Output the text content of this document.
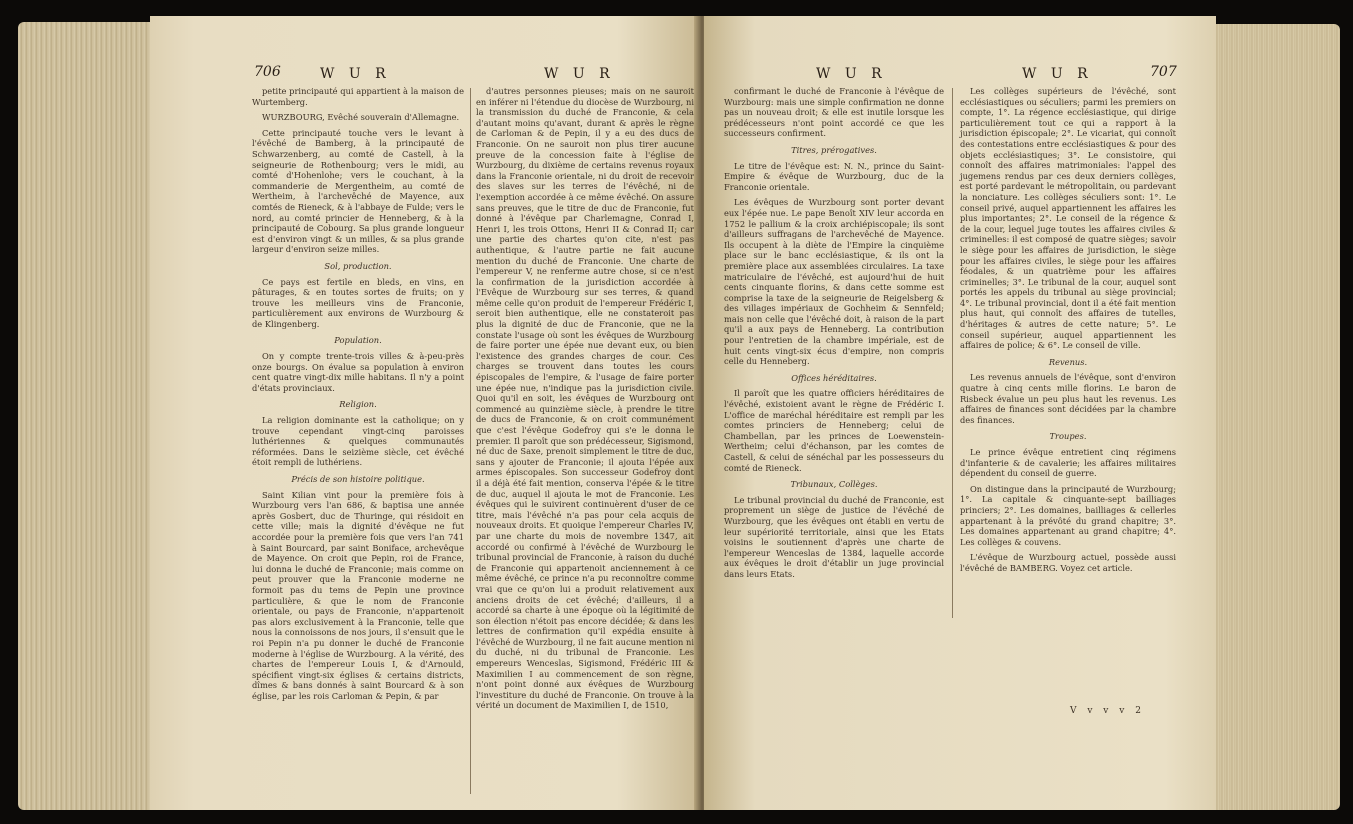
706	W U R	W U R

petite principauté qui appartient à la maison de Wurtemberg.

WURZBOURG, Evêché souverain d'Allemagne.

Cette principauté touche vers le levant à l'évêché de Bamberg, à la principauté de Schwarzenberg, au comté de Castell, à la seigneurie de Rothenbourg; vers le midi, au comté d'Hohenlohe; vers le couchant, à la commanderie de Mergentheim, au comté de Wertheim, à l'archevêché de Mayence, aux comtés de Rieneck, & à l'abbaye de Fulde; vers le nord, au comté princier de Henneberg, & à la principauté de Cobourg. Sa plus grande longueur est d'environ vingt & un milles, & sa plus grande largeur d'environ seize milles.

Sol, production.

Ce pays est fertile en bleds, en vins, en pâturages, & en toutes sortes de fruits; on y trouve les meilleurs vins de Franconie, particulièrement aux environs de Wurzbourg & de Klingenberg.

Population.

On y compte trente-trois villes & à-peu-près onze bourgs. On évalue sa population à environ cent quatre vingt-dix mille habitans. Il n'y a point d'états provinciaux.

Religion.

La religion dominante est la catholique; on y trouve cependant vingt-cinq paroisses luthériennes & quelques communautés réformées. Dans le seizième siècle, cet évêché étoit rempli de luthériens.

Précis de son histoire politique.

Saint Kilian vint pour la première fois à Wurzbourg vers l'an 686, & baptisa une année après Gosbert, duc de Thuringe, qui résidoit en cette ville; mais la dignité d'évêque ne fut accordée pour la première fois que vers l'an 741 à Saint Bourcard, par saint Boniface, archevêque de Mayence. On croit que Pepin, roi de France, lui donna le duché de Franconie; mais comme on peut prouver que la Franconie moderne ne formoit pas du tems de Pepin une province particulière, & que le nom de Franconie orientale, ou pays de Franconie, n'appartenoit pas alors exclusivement à la Franconie, telle que nous la connoissons de nos jours, il s'ensuit que le roi Pepin n'a pu donner le duché de Franconie moderne à l'église de Wurzbourg. A la vérité, des chartes de l'empereur Louis I, & d'Arnould, spécifient vingt-six églises & certains districts, dîmes & bans donnés à saint Bourcard & à son église, par les rois Carloman & Pepin, & par

d'autres personnes pieuses; mais on ne sauroit en inférer ni l'étendue du diocèse de Wurzbourg, ni la transmission du duché de Franconie, & cela d'autant moins qu'avant, durant & après le règne de Carloman & de Pepin, il y a eu des ducs de Franconie. On ne sauroit non plus tirer aucune preuve de la concession faite à l'église de Wurzbourg, du dixième de certains revenus royaux dans la Franconie orientale, ni du droit de recevoir des slaves sur les terres de l'évêché, ni de l'exemption accordée à ce même évêché. On assure sans preuves, que le titre de duc de Franconie, fut donné à l'évêque par Charlemagne, Conrad I, Henri I, les trois Ottons, Henri II & Conrad II; car une partie des chartes qu'on cite, n'est pas authentique, & l'autre partie ne fait aucune mention du duché de Franconie. Une charte de l'empereur V, ne renferme autre chose, si ce n'est la confirmation de la jurisdiction accordée à l'Evêque de Wurzbourg sur ses terres, & quand même celle qu'on produit de l'empereur Frédéric I, seroit bien authentique, elle ne constateroit pas plus la dignité de duc de Franconie, que ne la constate l'usage où sont les évêques de Wurzbourg de faire porter une épée nue devant eux, ou bien l'existence des grandes charges de cour. Ces charges se trouvent dans toutes les cours épiscopales de l'empire, & l'usage de faire porter une épée nue, n'indique pas la jurisdiction civile. Quoi qu'il en soit, les évêques de Wurzbourg ont commencé au quinzième siècle, à prendre le titre de ducs de Franconie, & on croit communément que c'est l'évêque Godefroy qui s'e le donna le premier. Il paroît que son prédécesseur, Sigismond, né duc de Saxe, prenoit simplement le titre de duc, sans y ajouter de Franconie; il ajouta l'épée aux armes épiscopales. Son successeur Godefroy dont il a déjà été fait mention, conserva l'épée & le titre de duc, auquel il ajouta le mot de Franconie. Les évêques qui le suivirent continuèrent d'user de ce titre, mais l'évêché n'a pas pour cela acquis de nouveaux droits. Et quoique l'empereur Charles IV, par une charte du mois de novembre 1347, ait accordé ou confirmé à l'évêché de Wurzbourg le tribunal provincial de Franconie, à raison du duché de Franconie qui appartenoit anciennement à ce même évêché, ce prince n'a pu reconnoître comme vrai que ce qu'on lui a produit relativement aux anciens droits de cet évêché; d'ailleurs, il a accordé sa charte à une époque où la légitimité de son élection n'étoit pas encore décidée; & dans les lettres de confirmation qu'il expédia ensuite à l'évêché de Wurzbourg, il ne fait aucune mention ni du duché, ni du tribunal de Franconie. Les empereurs Wenceslas, Sigismond, Frédéric III & Maximilien I au commencement de son règne, n'ont point donné aux évêques de Wurzbourg l'investiture du duché de Franconie. On trouve à la vérité un document de Maximilien I, de 1510,

W U R	W U R	707

confirmant le duché de Franconie à l'évêque de Wurzbourg: mais une simple confirmation ne donne pas un nouveau droit; & elle est inutile lorsque les prédécesseurs n'ont point accordé ce que les successeurs confirment.

Titres, prérogatives.

Le titre de l'évêque est: N. N., prince du Saint-Empire & évêque de Wurzbourg, duc de la Franconie orientale.

Les évêques de Wurzbourg sont porter devant eux l'épée nue. Le pape Benoît XIV leur accorda en 1752 le pallium & la croix archiépiscopale; ils sont d'ailleurs suffragans de l'archevêché de Mayence. Ils occupent à la diète de l'Empire la cinquième place sur le banc ecclésiastique, & ils ont la première place aux assemblées circulaires. La taxe matriculaire de l'évêché, est aujourd'hui de huit cents cinquante florins, & dans cette somme est comprise la taxe de la seigneurie de Reigelsberg & des villages impériaux de Gochheim & Sennfeld; mais non celle que l'évêché doit, à raison de la part qu'il a aux pays de Henneberg. La contribution pour l'entretien de la chambre impériale, est de huit cents vingt-six écus d'empire, non compris celle du Henneberg.

Offices héréditaires.

Il paroît que les quatre officiers héréditaires de l'évêché, existoient avant le règne de Frédéric I. L'office de maréchal héréditaire est rempli par les comtes princiers de Henneberg; celui de Chambellan, par les princes de Loewenstein-Wertheim; celui d'échanson, par les comtes de Castell, & celui de sénéchal par les possesseurs du comté de Rieneck.

Tribunaux, Collèges.

Le tribunal provincial du duché de Franconie, est proprement un siège de justice de l'évêché de Wurzbourg, que les évêques ont établi en vertu de leur supériorité territoriale, ainsi que les Etats voisins le soutiennent d'après une charte de l'empereur Wenceslas de 1384, laquelle accorde aux évêques le droit d'établir un juge provincial dans leurs Etats.

Les collèges supérieurs de l'évêché, sont ecclésiastiques ou séculiers; parmi les premiers on compte, 1°. La régence ecclésiastique, qui dirige particulièrement tout ce qui a rapport à la jurisdiction épiscopale; 2°. Le vicariat, qui connoît des contestations entre ecclésiastiques & pour des objets ecclésiastiques; 3°. Le consistoire, qui connoît des affaires matrimoniales: l'appel des jugemens rendus par ces deux derniers collèges, est porté pardevant le métropolitain, ou pardevant la nonciature. Les collèges séculiers sont: 1°. Le conseil privé, auquel appartiennent les affaires les plus importantes; 2°. Le conseil de la régence & de la cour, lequel juge toutes les affaires civiles & criminelles: il est composé de quatre sièges; savoir le siège pour les affaires de jurisdiction, le siège pour les affaires civiles, le siège pour les affaires féodales, & un quatrième pour les affaires criminelles; 3°. Le tribunal de la cour, auquel sont portés les appels du tribunal au siège provincial; 4°. Le tribunal provincial, dont il a été fait mention plus haut, qui connoît des affaires de tutelles, d'héritages & autres de cette nature; 5°. Le conseil supérieur, auquel appartiennent les affaires de police; & 6°. Le conseil de ville.

Revenus.

Les revenus annuels de l'évêque, sont d'environ quatre à cinq cents mille florins. Le baron de Risbeck évalue un peu plus haut les revenus. Les affaires de finances sont décidées par la chambre des finances.

Troupes.

Le prince évêque entretient cinq régimens d'infanterie & de cavalerie; les affaires militaires dépendent du conseil de guerre.

On distingue dans la principauté de Wurzbourg; 1°. La capitale & cinquante-sept bailliages princiers; 2°. Les domaines, bailliages & cellerles appartenant à la prévôté du grand chapitre; 3°. Les domaines appartenant au grand chapitre; 4°. Les collèges & couvens.

L'évêque de Wurzbourg actuel, possède aussi l'évêché de BAMBERG. Voyez cet article.

V v v v 2
